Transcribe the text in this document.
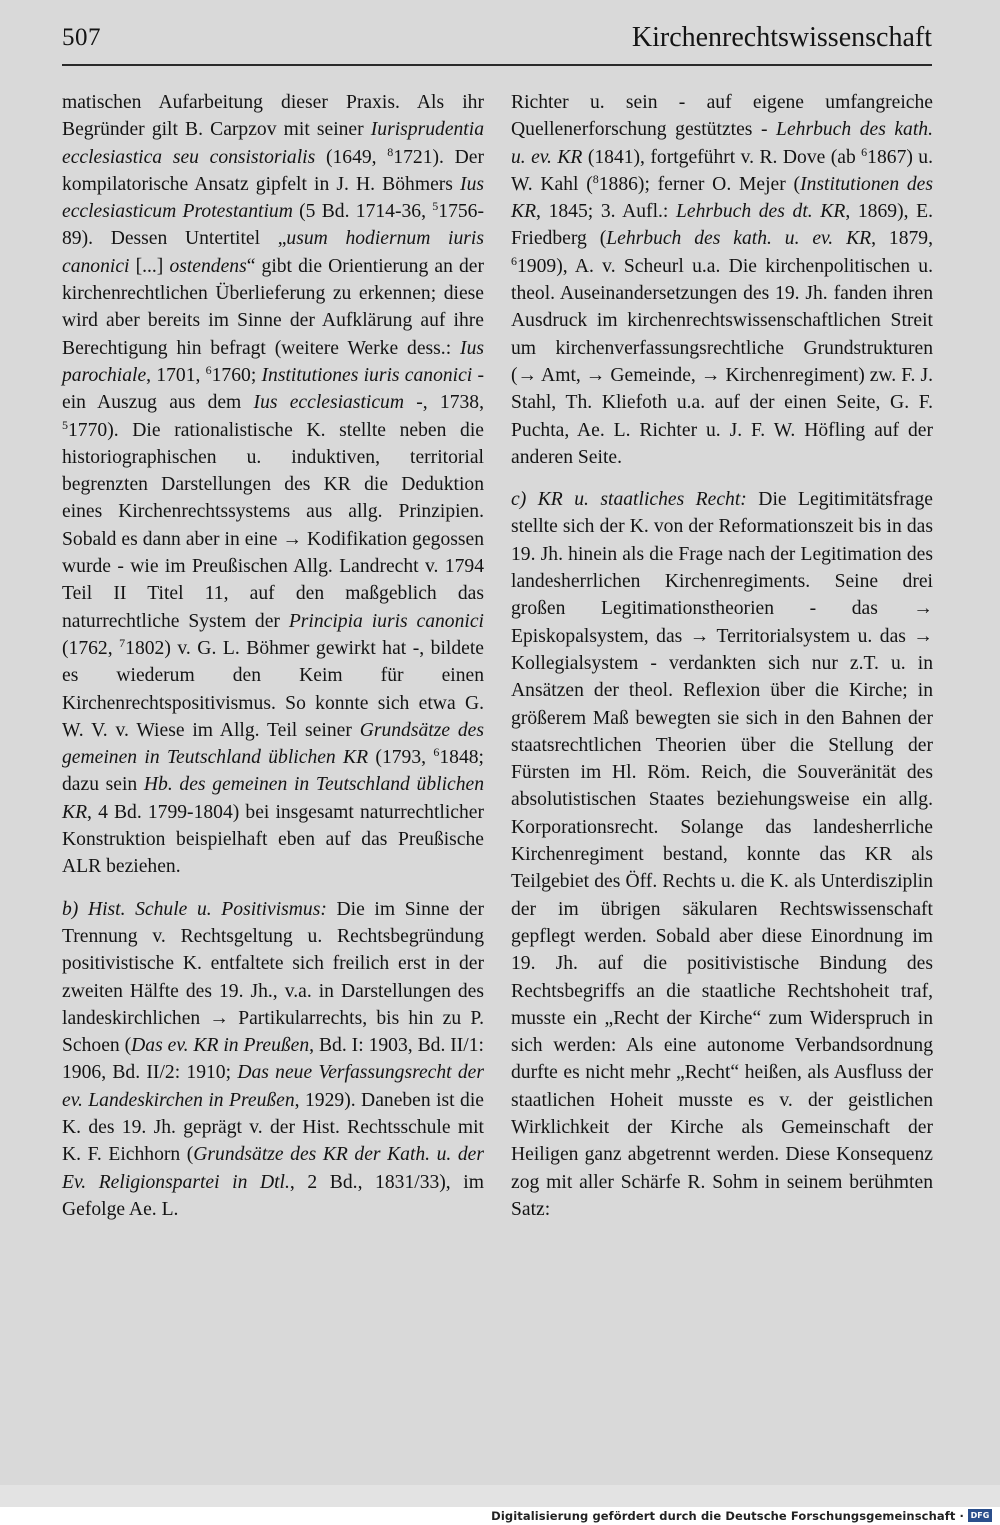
507	Kirchenrechtswissenschaft

matischen Aufarbeitung dieser Praxis. Als ihr Begründer gilt B. Carpzov mit seiner Iurisprudentia ecclesiastica seu consistorialis (1649, $^8$1721). Der kompilatorische Ansatz gipfelt in J. H. Böhmers Ius ecclesiasticum Protestantium (5 Bd. 1714-36, $^5$1756-89). Dessen Untertitel „usum hodiernum iuris canonici [...] ostendens“ gibt die Orientierung an der kirchenrechtlichen Überlieferung zu erkennen; diese wird aber bereits im Sinne der Aufklärung auf ihre Berechtigung hin befragt (weitere Werke dess.: Ius parochiale, 1701, $^6$1760; Institutiones iuris canonici - ein Auszug aus dem Ius ecclesiasticum -, 1738, $^5$1770). Die rationalistische K. stellte neben die historiographischen u. induktiven, territorial begrenzten Darstellungen des KR die Deduktion eines Kirchenrechtssystems aus allg. Prinzipien. Sobald es dann aber in eine → Kodifikation gegossen wurde - wie im Preußischen Allg. Landrecht v. 1794 Teil II Titel 11, auf den maßgeblich das naturrechtliche System der Principia iuris canonici (1762, $^7$1802) v. G. L. Böhmer gewirkt hat -, bildete es wiederum den Keim für einen Kirchenrechtspositivismus. So konnte sich etwa G. W. V. v. Wiese im Allg. Teil seiner Grundsätze des gemeinen in Teutschland üblichen KR (1793, $^6$1848; dazu sein Hb. des gemeinen in Teutschland üblichen KR, 4 Bd. 1799-1804) bei insgesamt naturrechtlicher Konstruktion beispielhaft eben auf das Preußische ALR beziehen.

b) Hist. Schule u. Positivismus: Die im Sinne der Trennung v. Rechtsgeltung u. Rechtsbegründung positivistische K. entfaltete sich freilich erst in der zweiten Hälfte des 19. Jh., v.a. in Darstellungen des landeskirchlichen → Partikularrechts, bis hin zu P. Schoen (Das ev. KR in Preußen, Bd. I: 1903, Bd. II/1: 1906, Bd. II/2: 1910; Das neue Verfassungsrecht der ev. Landeskirchen in Preußen, 1929). Daneben ist die K. des 19. Jh. geprägt v. der Hist. Rechtsschule mit K. F. Eichhorn (Grundsätze des KR der Kath. u. der Ev. Religionspartei in Dtl., 2 Bd., 1831/33), im Gefolge Ae. L.

Richter u. sein - auf eigene umfangreiche Quellenerforschung gestütztes - Lehrbuch des kath. u. ev. KR (1841), fortgeführt v. R. Dove (ab $^6$1867) u. W. Kahl ($^8$1886); ferner O. Mejer (Institutionen des KR, 1845; 3. Aufl.: Lehrbuch des dt. KR, 1869), E. Friedberg (Lehrbuch des kath. u. ev. KR, 1879, $^6$1909), A. v. Scheurl u.a. Die kirchenpolitischen u. theol. Auseinandersetzungen des 19. Jh. fanden ihren Ausdruck im kirchenrechtswissenschaftlichen Streit um kirchenverfassungsrechtliche Grundstrukturen (→ Amt, → Gemeinde, → Kirchenregiment) zw. F. J. Stahl, Th. Kliefoth u.a. auf der einen Seite, G. F. Puchta, Ae. L. Richter u. J. F. W. Höfling auf der anderen Seite.

c) KR u. staatliches Recht: Die Legitimitätsfrage stellte sich der K. von der Reformationszeit bis in das 19. Jh. hinein als die Frage nach der Legitimation des landesherrlichen Kirchenregiments. Seine drei großen Legitimationstheorien - das → Episkopalsystem, das → Territorialsystem u. das → Kollegialsystem - verdankten sich nur z.T. u. in Ansätzen der theol. Reflexion über die Kirche; in größerem Maß bewegten sie sich in den Bahnen der staatsrechtlichen Theorien über die Stellung der Fürsten im Hl. Röm. Reich, die Souveränität des absolutistischen Staates beziehungsweise ein allg. Korporationsrecht. Solange das landesherrliche Kirchenregiment bestand, konnte das KR als Teilgebiet des Öff. Rechts u. die K. als Unterdisziplin der im übrigen säkularen Rechtswissenschaft gepflegt werden. Sobald aber diese Einordnung im 19. Jh. auf die positivistische Bindung des Rechtsbegriffs an die staatliche Rechtshoheit traf, musste ein „Recht der Kirche“ zum Widerspruch in sich werden: Als eine autonome Verbandsordnung durfte es nicht mehr „Recht“ heißen, als Ausfluss der staatlichen Hoheit musste es v. der geistlichen Wirklichkeit der Kirche als Gemeinschaft der Heiligen ganz abgetrennt werden. Diese Konsequenz zog mit aller Schärfe R. Sohm in seinem berühmten Satz:

Digitalisierung gefördert durch die Deutsche Forschungsgemeinschaft · DFG
